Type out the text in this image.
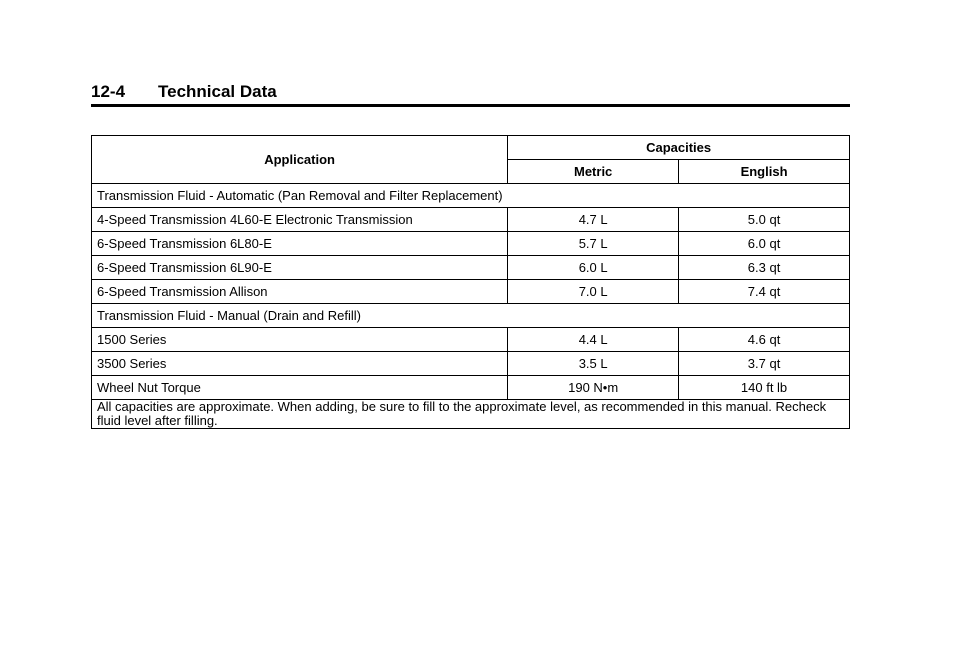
12-4 Technical Data
Application	Capacities	
	Metric	English
Transmission Fluid - Automatic (Pan Removal and Filter Replacement)		
4-Speed Transmission 4L60-E Electronic Transmission	4.7 L	5.0 qt
6-Speed Transmission 6L80-E	5.7 L	6.0 qt
6-Speed Transmission 6L90-E	6.0 L	6.3 qt
6-Speed Transmission Allison	7.0 L	7.4 qt
Transmission Fluid - Manual (Drain and Refill)		
1500 Series	4.4 L	4.6 qt
3500 Series	3.5 L	3.7 qt
Wheel Nut Torque	190 N•m	140 ft lb
All capacities are approximate. When adding, be sure to fill to the approximate level, as recommended in this manual. Recheck fluid level after filling.		
